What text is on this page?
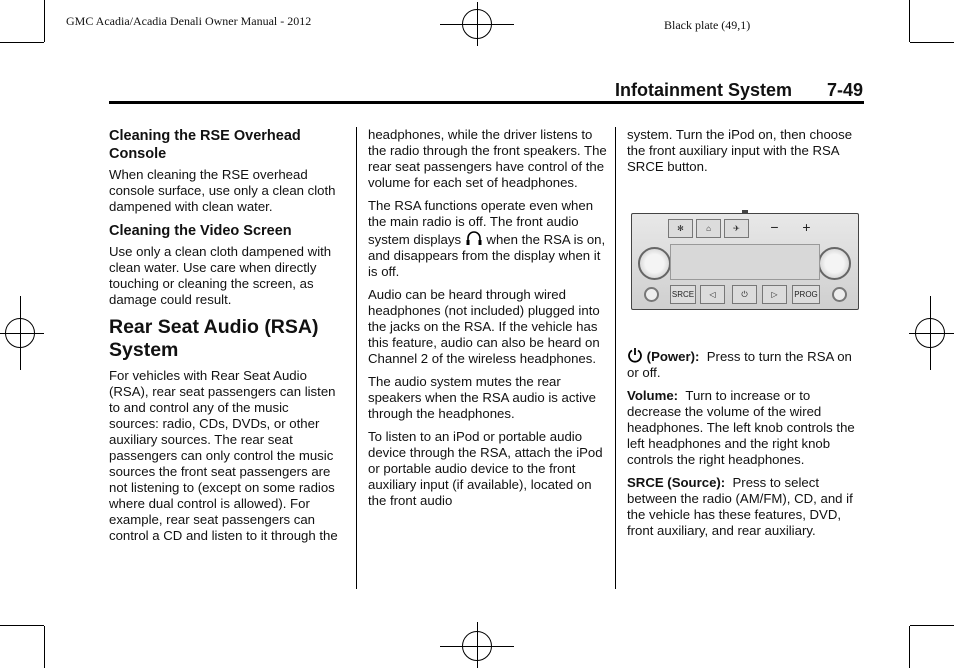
GMC Acadia/Acadia Denali Owner Manual - 2012	Black plate (49,1)
Infotainment System 7-49
Cleaning the RSE Overhead Console

When cleaning the RSE overhead console surface, use only a clean cloth dampened with clean water.

Cleaning the Video Screen

Use only a clean cloth dampened with clean water. Use care when directly touching or cleaning the screen, as damage could result.

Rear Seat Audio (RSA) System

For vehicles with Rear Seat Audio (RSA), rear seat passengers can listen to and control any of the music sources: radio, CDs, DVDs, or other auxiliary sources. The rear seat passengers can only control the music sources the front seat passengers are not listening to (except on some radios where dual control is allowed). For example, rear seat passengers can control a CD and listen to it through the

headphones, while the driver listens to the radio through the front speakers. The rear seat passengers have control of the volume for each set of headphones.

The RSA functions operate even when the main radio is off. The front audio system displays when the RSA is on, and disappears from the display when it is off.

Audio can be heard through wired headphones (not included) plugged into the jacks on the RSA. If the vehicle has this feature, audio can also be heard on Channel 2 of the wireless headphones.

The audio system mutes the rear speakers when the RSA audio is active through the headphones.

To listen to an iPod or portable audio device through the RSA, attach the iPod or portable audio device to the front auxiliary input (if available), located on the front audio

system. Turn the iPod on, then choose the front auxiliary input with the RSA SRCE button.

✻	⌂	✈	−	+
SRCE	◁	⏻	▷	PROG

(Power): Press to turn the RSA on or off.

Volume: Turn to increase or to decrease the volume of the wired headphones. The left knob controls the left headphones and the right knob controls the right headphones.

SRCE (Source): Press to select between the radio (AM/FM), CD, and if the vehicle has these features, DVD, front auxiliary, and rear auxiliary.
